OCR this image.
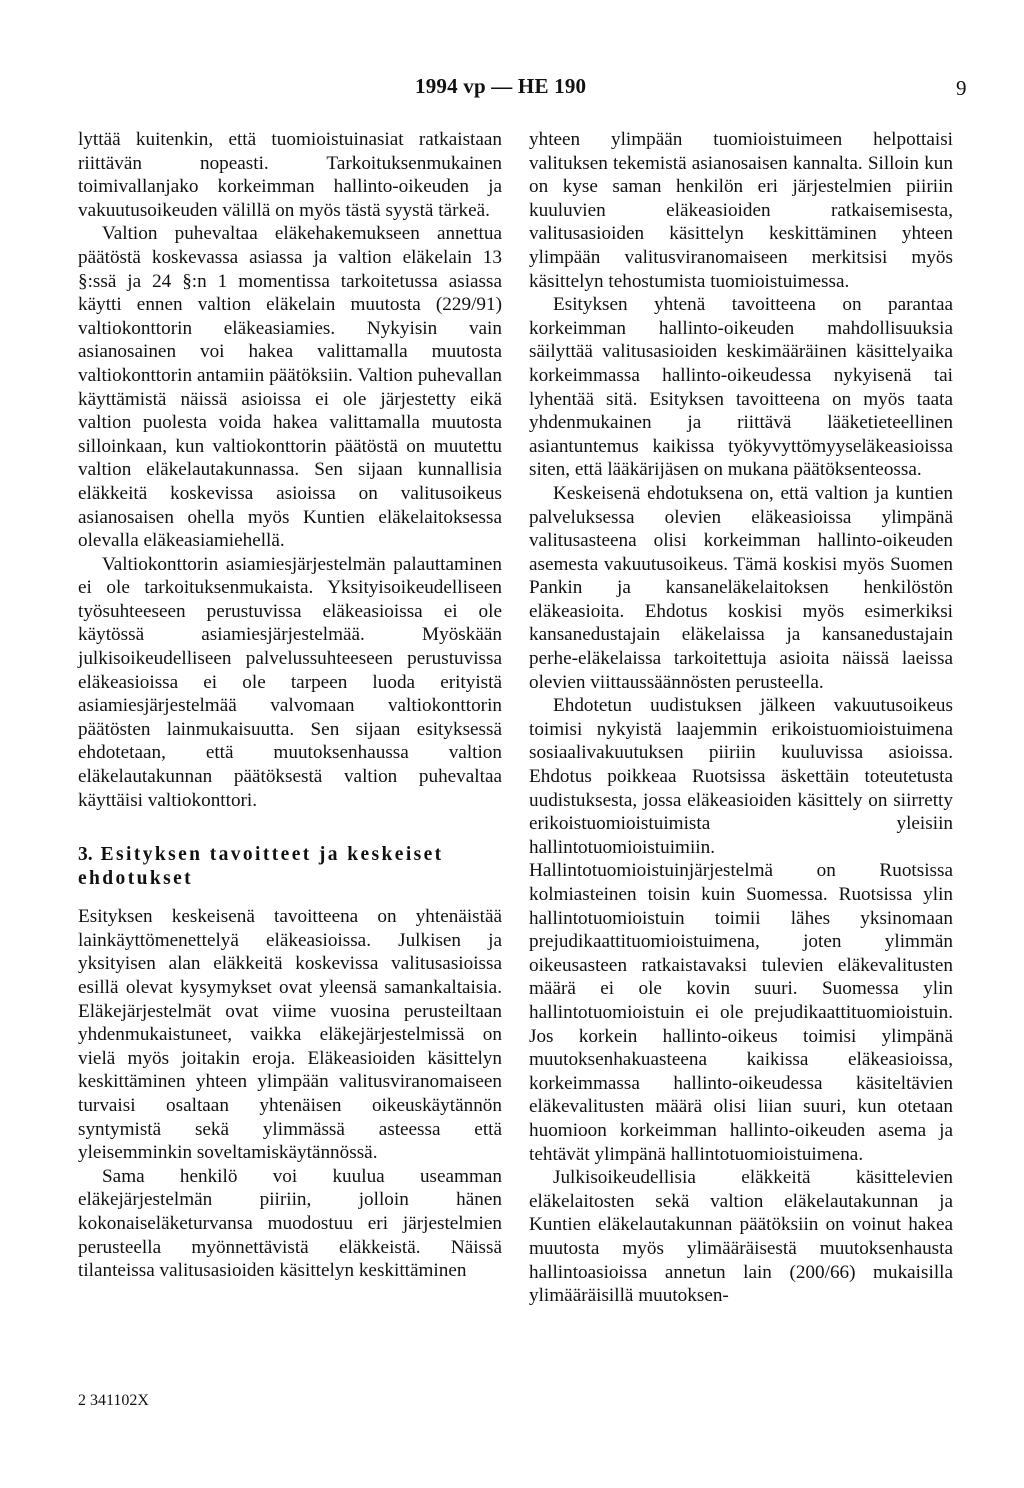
1994 vp — HE 190	9

lyttää kuitenkin, että tuomioistuinasiat ratkaistaan riittävän nopeasti. Tarkoituksenmukainen toimivallanjako korkeimman hallinto-oikeuden ja vakuutusoikeuden välillä on myös tästä syystä tärkeä.

Valtion puhevaltaa eläkehakemukseen annettua päätöstä koskevassa asiassa ja valtion eläkelain 13 §:ssä ja 24 §:n 1 momentissa tarkoitetussa asiassa käytti ennen valtion eläkelain muutosta (229/91) valtiokonttorin eläkeasiamies. Nykyisin vain asianosainen voi hakea valittamalla muutosta valtiokonttorin antamiin päätöksiin. Valtion puhevallan käyttämistä näissä asioissa ei ole järjestetty eikä valtion puolesta voida hakea valittamalla muutosta silloinkaan, kun valtiokonttorin päätöstä on muutettu valtion eläkelautakunnassa. Sen sijaan kunnallisia eläkkeitä koskevissa asioissa on valitusoikeus asianosaisen ohella myös Kuntien eläkelaitoksessa olevalla eläkeasiamiehellä.

Valtiokonttorin asiamiesjärjestelmän palauttaminen ei ole tarkoituksenmukaista. Yksityisoikeudelliseen työsuhteeseen perustuvissa eläkeasioissa ei ole käytössä asiamiesjärjestelmää. Myöskään julkisoikeudelliseen palvelussuhteeseen perustuvissa eläkeasioissa ei ole tarpeen luoda erityistä asiamiesjärjestelmää valvomaan valtiokonttorin päätösten lainmukaisuutta. Sen sijaan esityksessä ehdotetaan, että muutoksenhaussa valtion eläkelautakunnan päätöksestä valtion puhevaltaa käyttäisi valtiokonttori.

3. Esityksen tavoitteet ja keskeiset ehdotukset

Esityksen keskeisenä tavoitteena on yhtenäistää lainkäyttömenettelyä eläkeasioissa. Julkisen ja yksityisen alan eläkkeitä koskevissa valitusasioissa esillä olevat kysymykset ovat yleensä samankaltaisia. Eläkejärjestelmät ovat viime vuosina perusteiltaan yhdenmukaistuneet, vaikka eläkejärjestelmissä on vielä myös joitakin eroja. Eläkeasioiden käsittelyn keskittäminen yhteen ylimpään valitusviranomaiseen turvaisi osaltaan yhtenäisen oikeuskäytännön syntymistä sekä ylimmässä asteessa että yleisemminkin soveltamiskäytännössä.

Sama henkilö voi kuulua useamman eläkejärjestelmän piiriin, jolloin hänen kokonaiseläketurvansa muodostuu eri järjestelmien perusteella myönnettävistä eläkkeistä. Näissä tilanteissa valitusasioiden käsittelyn keskittäminen

yhteen ylimpään tuomioistuimeen helpottaisi valituksen tekemistä asianosaisen kannalta. Silloin kun on kyse saman henkilön eri järjestelmien piiriin kuuluvien eläkeasioiden ratkaisemisesta, valitusasioiden käsittelyn keskittäminen yhteen ylimpään valitusviranomaiseen merkitsisi myös käsittelyn tehostumista tuomioistuimessa.

Esityksen yhtenä tavoitteena on parantaa korkeimman hallinto-oikeuden mahdollisuuksia säilyttää valitusasioiden keskimääräinen käsittelyaika korkeimmassa hallinto-oikeudessa nykyisenä tai lyhentää sitä. Esityksen tavoitteena on myös taata yhdenmukainen ja riittävä lääketieteellinen asiantuntemus kaikissa työkyvyttömyyseläkeasioissa siten, että lääkärijäsen on mukana päätöksenteossa.

Keskeisenä ehdotuksena on, että valtion ja kuntien palveluksessa olevien eläkeasioissa ylimpänä valitusasteena olisi korkeimman hallinto-oikeuden asemesta vakuutusoikeus. Tämä koskisi myös Suomen Pankin ja kansaneläkelaitoksen henkilöstön eläkeasioita. Ehdotus koskisi myös esimerkiksi kansanedustajain eläkelaissa ja kansanedustajain perhe-eläkelaissa tarkoitettuja asioita näissä laeissa olevien viittaussäännösten perusteella.

Ehdotetun uudistuksen jälkeen vakuutusoikeus toimisi nykyistä laajemmin erikoistuomioistuimena sosiaalivakuutuksen piiriin kuuluvissa asioissa. Ehdotus poikkeaa Ruotsissa äskettäin toteutetusta uudistuksesta, jossa eläkeasioiden käsittely on siirretty erikoistuomioistuimista yleisiin hallintotuomioistuimiin. Hallintotuomioistuinjärjestelmä on Ruotsissa kolmiasteinen toisin kuin Suomessa. Ruotsissa ylin hallintotuomioistuin toimii lähes yksinomaan prejudikaattituomioistuimena, joten ylimmän oikeusasteen ratkaistavaksi tulevien eläkevalitusten määrä ei ole kovin suuri. Suomessa ylin hallintotuomioistuin ei ole prejudikaattituomioistuin. Jos korkein hallinto-oikeus toimisi ylimpänä muutoksenhakuasteena kaikissa eläkeasioissa, korkeimmassa hallinto-oikeudessa käsiteltävien eläkevalitusten määrä olisi liian suuri, kun otetaan huomioon korkeimman hallinto-oikeuden asema ja tehtävät ylimpänä hallintotuomioistuimena.

Julkisoikeudellisia eläkkeitä käsittelevien eläkelaitosten sekä valtion eläkelautakunnan ja Kuntien eläkelautakunnan päätöksiin on voinut hakea muutosta myös ylimääräisestä muutoksenhausta hallintoasioissa annetun lain (200/66) mukaisilla ylimääräisillä muutoksen-

2 341102X
